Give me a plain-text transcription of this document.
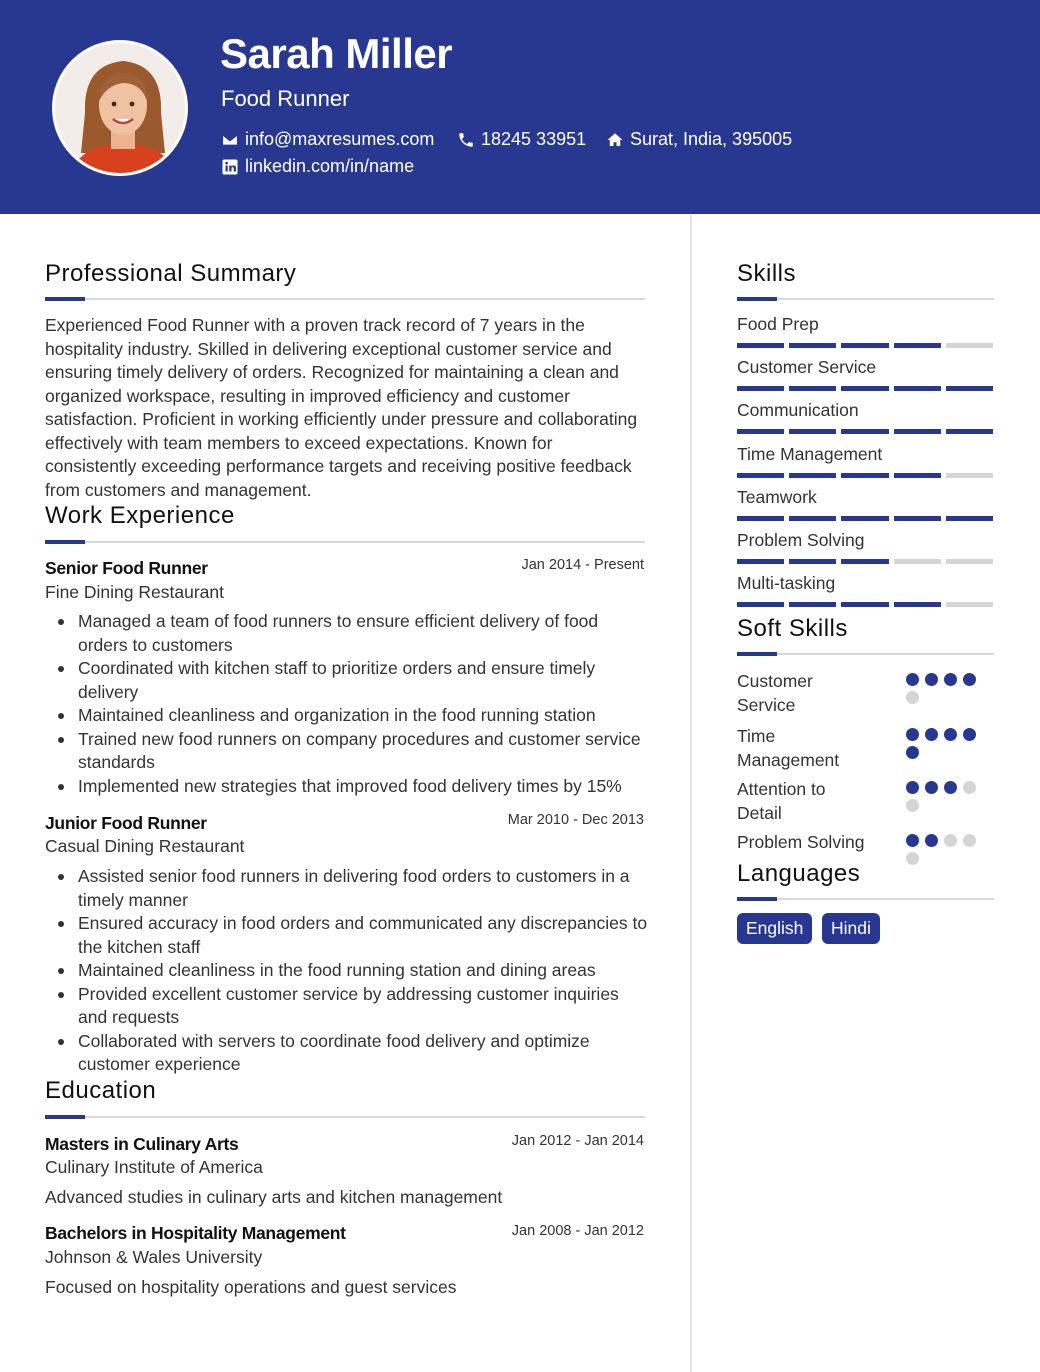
Sarah Miller
Food Runner
info@maxresumes.com	18245 33951 Surat, India, 395005
linkedin.com/in/name
Professional Summary
Experienced Food Runner with a proven track record of 7 years in the hospitality industry. Skilled in delivering exceptional customer service and ensuring timely delivery of orders. Recognized for maintaining a clean and organized workspace, resulting in improved efficiency and customer satisfaction. Proficient in working efficiently under pressure and collaborating effectively with team members to exceed expectations. Known for consistently exceeding performance targets and receiving positive feedback from customers and management.
Work Experience
Senior Food Runner	Jan 2014 - Present
Fine Dining Restaurant
Managed a team of food runners to ensure efficient delivery of food orders to customers
Coordinated with kitchen staff to prioritize orders and ensure timely delivery
Maintained cleanliness and organization in the food running station
Trained new food runners on company procedures and customer service standards
Implemented new strategies that improved food delivery times by 15%
Junior Food Runner	Mar 2010 - Dec 2013
Casual Dining Restaurant
Assisted senior food runners in delivering food orders to customers in a timely manner
Ensured accuracy in food orders and communicated any discrepancies to the kitchen staff
Maintained cleanliness in the food running station and dining areas
Provided excellent customer service by addressing customer inquiries and requests
Collaborated with servers to coordinate food delivery and optimize customer experience
Education
Masters in Culinary Arts	Jan 2012 - Jan 2014
Culinary Institute of America
Advanced studies in culinary arts and kitchen management
Bachelors in Hospitality Management	Jan 2008 - Jan 2012
Johnson & Wales University
Focused on hospitality operations and guest services
Skills
Food Prep
Customer Service
Communication
Time Management
Teamwork
Problem Solving
Multi-tasking
Soft Skills
Customer Service
Time Management
Attention to Detail
Problem Solving
Languages
English	Hindi
